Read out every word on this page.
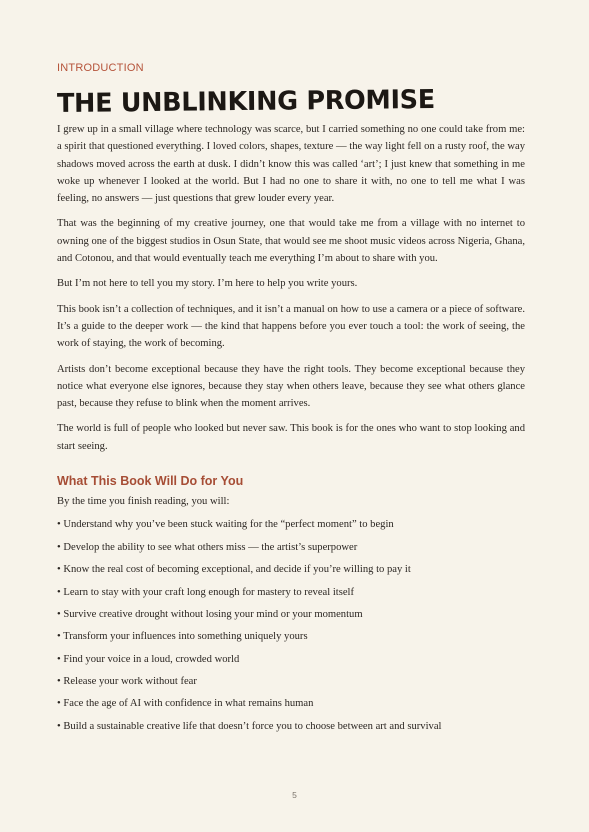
INTRODUCTION
THE UNBLINKING PROMISE

I grew up in a small village where technology was scarce, but I carried something no one could take from me: a spirit that questioned everything. I loved colors, shapes, texture — the way light fell on a rusty roof, the way shadows moved across the earth at dusk. I didn’t know this was called ‘art’; I just knew that something in me woke up whenever I looked at the world. But I had no one to share it with, no one to tell me what I was feeling, no answers — just questions that grew louder every year.

That was the beginning of my creative journey, one that would take me from a village with no internet to owning one of the biggest studios in Osun State, that would see me shoot music videos across Nigeria, Ghana, and Cotonou, and that would eventually teach me everything I’m about to share with you.

But I’m not here to tell you my story. I’m here to help you write yours.

This book isn’t a collection of techniques, and it isn’t a manual on how to use a camera or a piece of software. It’s a guide to the deeper work — the kind that happens before you ever touch a tool: the work of seeing, the work of staying, the work of becoming.

Artists don’t become exceptional because they have the right tools. They become exceptional because they notice what everyone else ignores, because they stay when others leave, because they see what others glance past, because they refuse to blink when the moment arrives.

The world is full of people who looked but never saw. This book is for the ones who want to stop looking and start seeing.

What This Book Will Do for You

By the time you finish reading, you will:

• Understand why you’ve been stuck waiting for the “perfect moment” to begin
• Develop the ability to see what others miss — the artist’s superpower
• Know the real cost of becoming exceptional, and decide if you’re willing to pay it
• Learn to stay with your craft long enough for mastery to reveal itself
• Survive creative drought without losing your mind or your momentum
• Transform your influences into something uniquely yours
• Find your voice in a loud, crowded world
• Release your work without fear
• Face the age of AI with confidence in what remains human
• Build a sustainable creative life that doesn’t force you to choose between art and survival
5
